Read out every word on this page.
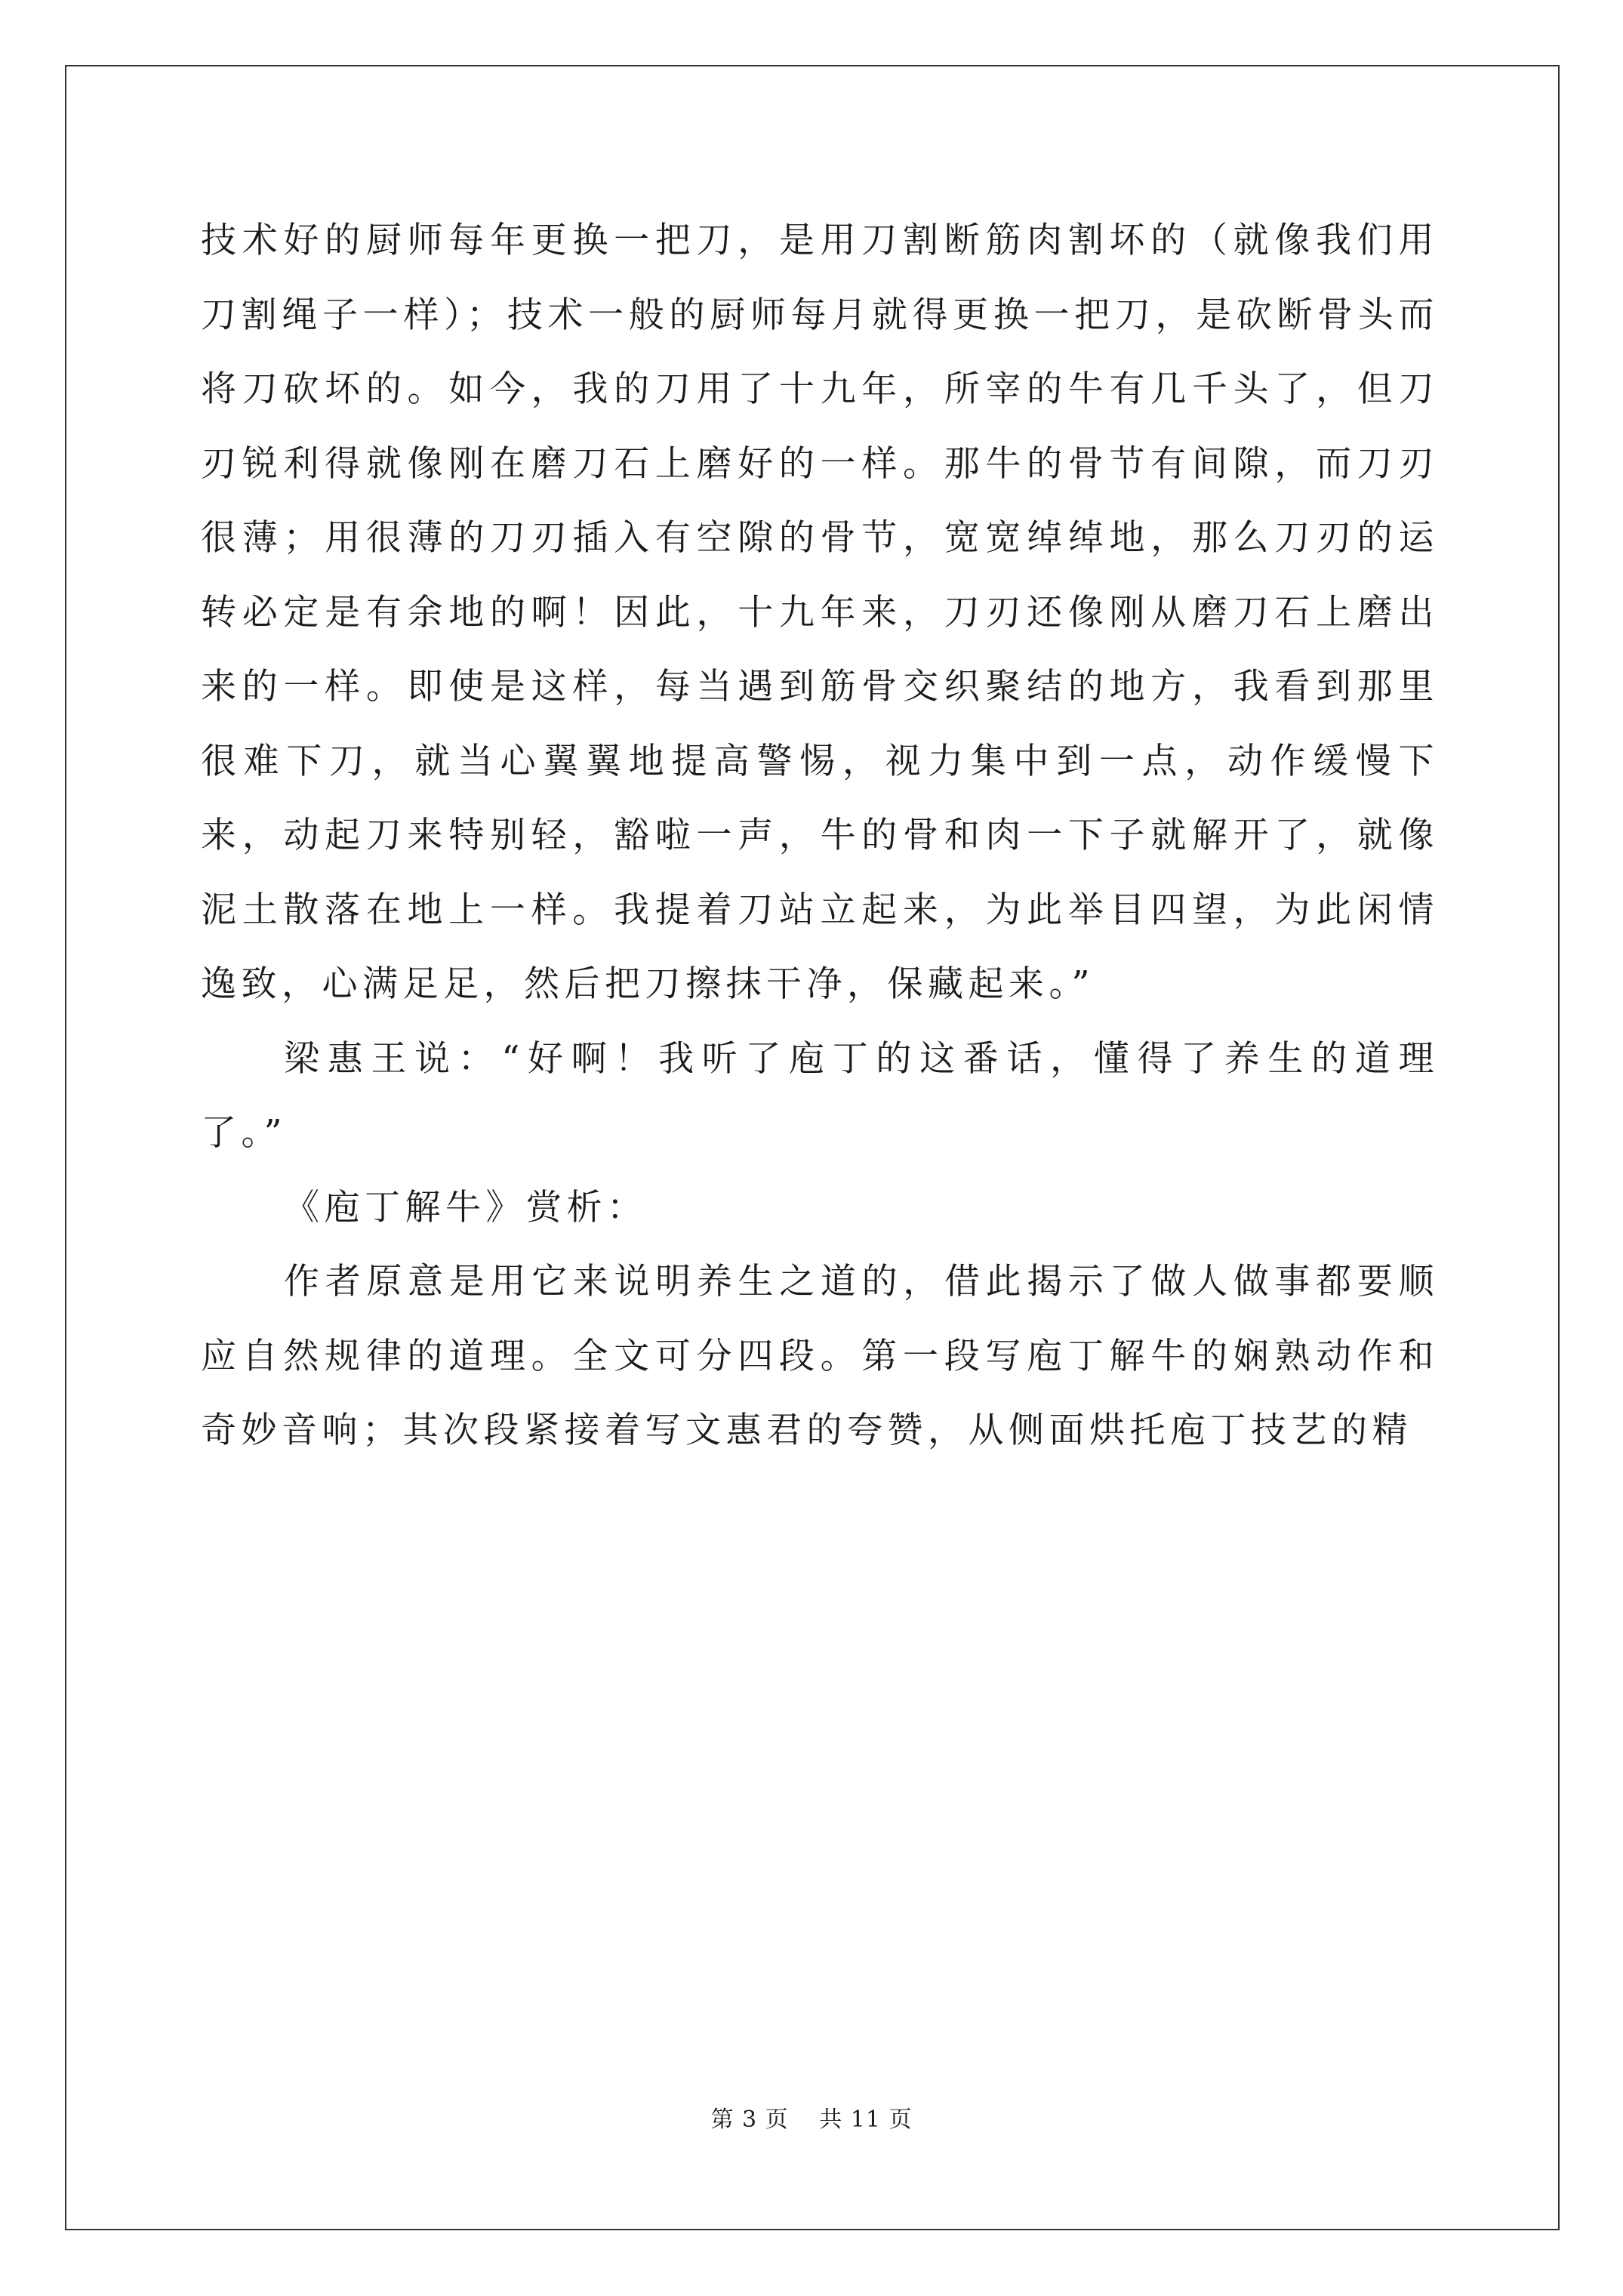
技术好的厨师每年更换一把刀，是用刀割断筋肉割坏的（就像我们用刀割绳子一样）；技术一般的厨师每月就得更换一把刀，是砍断骨头而将刀砍坏的。如今，我的刀用了十九年，所宰的牛有几千头了，但刀刃锐利得就像刚在磨刀石上磨好的一样。那牛的骨节有间隙，而刀刃很薄；用很薄的刀刃插入有空隙的骨节，宽宽绰绰地，那么刀刃的运转必定是有余地的啊！因此，十九年来，刀刃还像刚从磨刀石上磨出来的一样。即使是这样，每当遇到筋骨交织聚结的地方，我看到那里很难下刀，就当心翼翼地提高警惕，视力集中到一点，动作缓慢下来，动起刀来特别轻，豁啦一声，牛的骨和肉一下子就解开了，就像泥土散落在地上一样。我提着刀站立起来，为此举目四望，为此闲情逸致，心满足足，然后把刀擦抹干净，保藏起来。”

梁惠王说：“好啊！我听了庖丁的这番话，懂得了养生的道理了。”

《庖丁解牛》赏析：

作者原意是用它来说明养生之道的，借此揭示了做人做事都要顺应自然规律的道理。全文可分四段。第一段写庖丁解牛的娴熟动作和奇妙音响；其次段紧接着写文惠君的夸赞，从侧面烘托庖丁技艺的精

第 3 页 共 11 页
